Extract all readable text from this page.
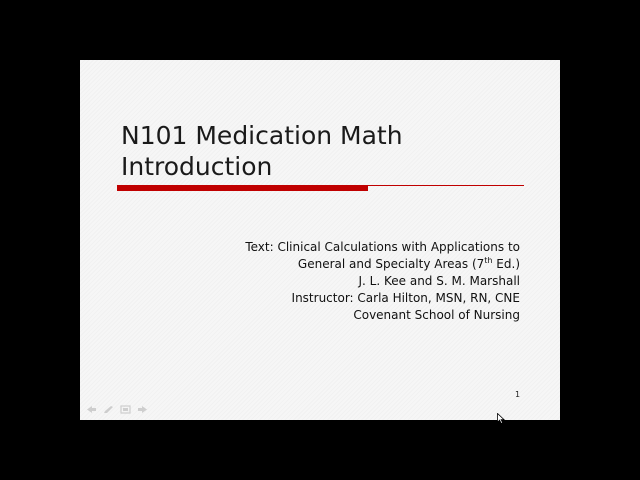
N101 Medication Math
Introduction
Text: Clinical Calculations with Applications to
General and Specialty Areas (7th Ed.)
J. L. Kee and S. M. Marshall
Instructor: Carla Hilton, MSN, RN, CNE
Covenant School of Nursing
1
